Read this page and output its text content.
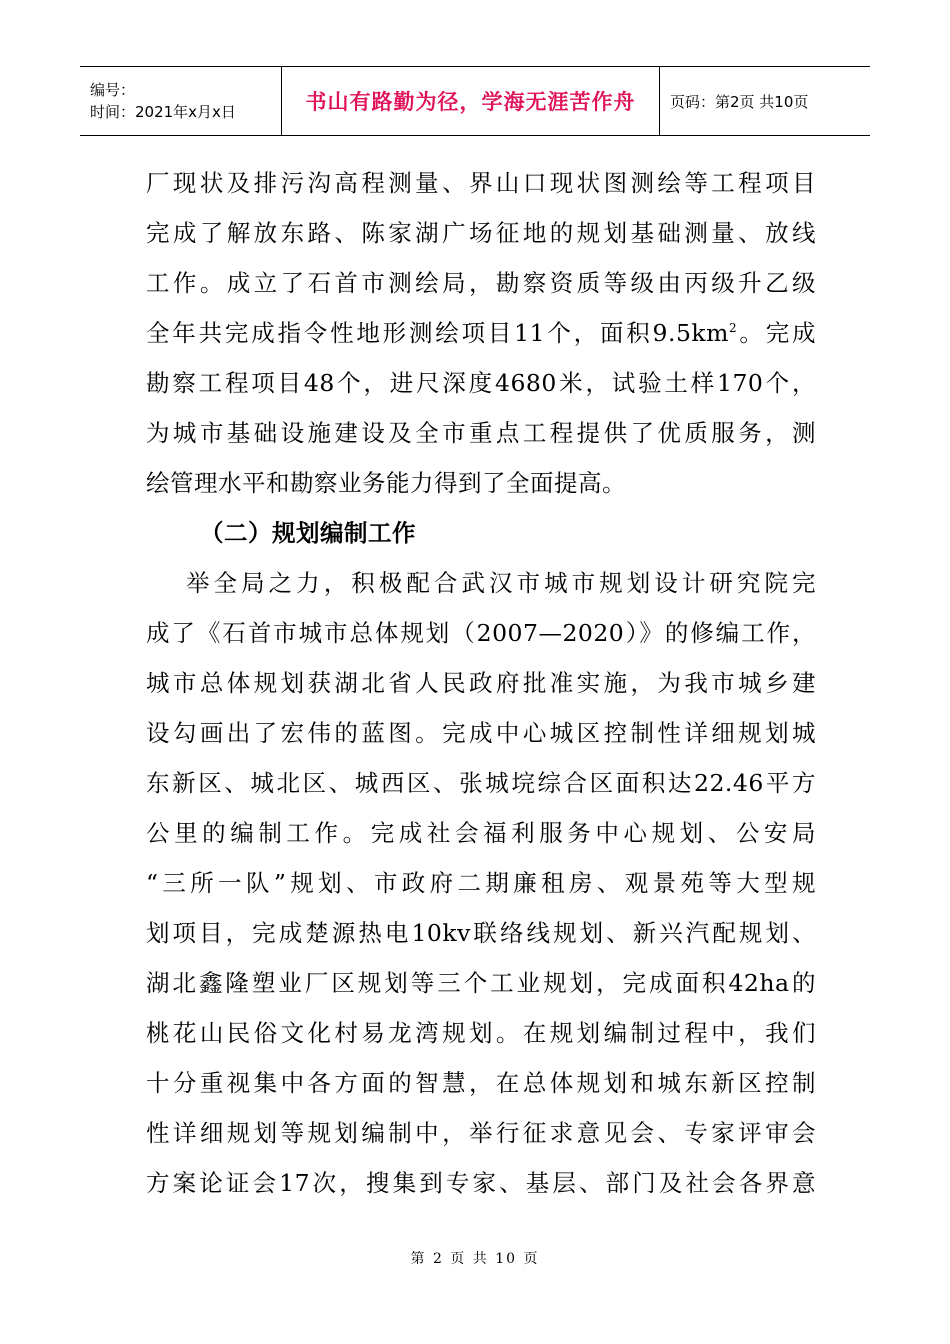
编号：
时间：2021年x月x日	书山有路勤为径，学海无涯苦作舟 页码：第2页 共10页
厂现状及排污沟高程测量、界山口现状图测绘等工程项目
完成了解放东路、陈家湖广场征地的规划基础测量、放线
工作。成立了石首市测绘局，勘察资质等级由丙级升乙级
全年共完成指令性地形测绘项目11个，面积$9.5km^2$。完成
勘察工程项目48个，进尺深度4680米，试验土样170个，
为城市基础设施建设及全市重点工程提供了优质服务，测
绘管理水平和勘察业务能力得到了全面提高。
（二）规划编制工作
举全局之力，积极配合武汉市城市规划设计研究院完
成了《石首市城市总体规划（2007—2020）》的修编工作，
城市总体规划获湖北省人民政府批准实施，为我市城乡建
设勾画出了宏伟的蓝图。完成中心城区控制性详细规划城
东新区、城北区、城西区、张城垸综合区面积达22.46平方
公里的编制工作。完成社会福利服务中心规划、公安局
“三所一队”规划、市政府二期廉租房、观景苑等大型规
划项目，完成楚源热电10kv联络线规划、新兴汽配规划、
湖北鑫隆塑业厂区规划等三个工业规划，完成面积42ha的
桃花山民俗文化村易龙湾规划。在规划编制过程中，我们
十分重视集中各方面的智慧，在总体规划和城东新区控制
性详细规划等规划编制中，举行征求意见会、专家评审会
方案论证会17次，搜集到专家、基层、部门及社会各界意
第 2 页 共 10 页
